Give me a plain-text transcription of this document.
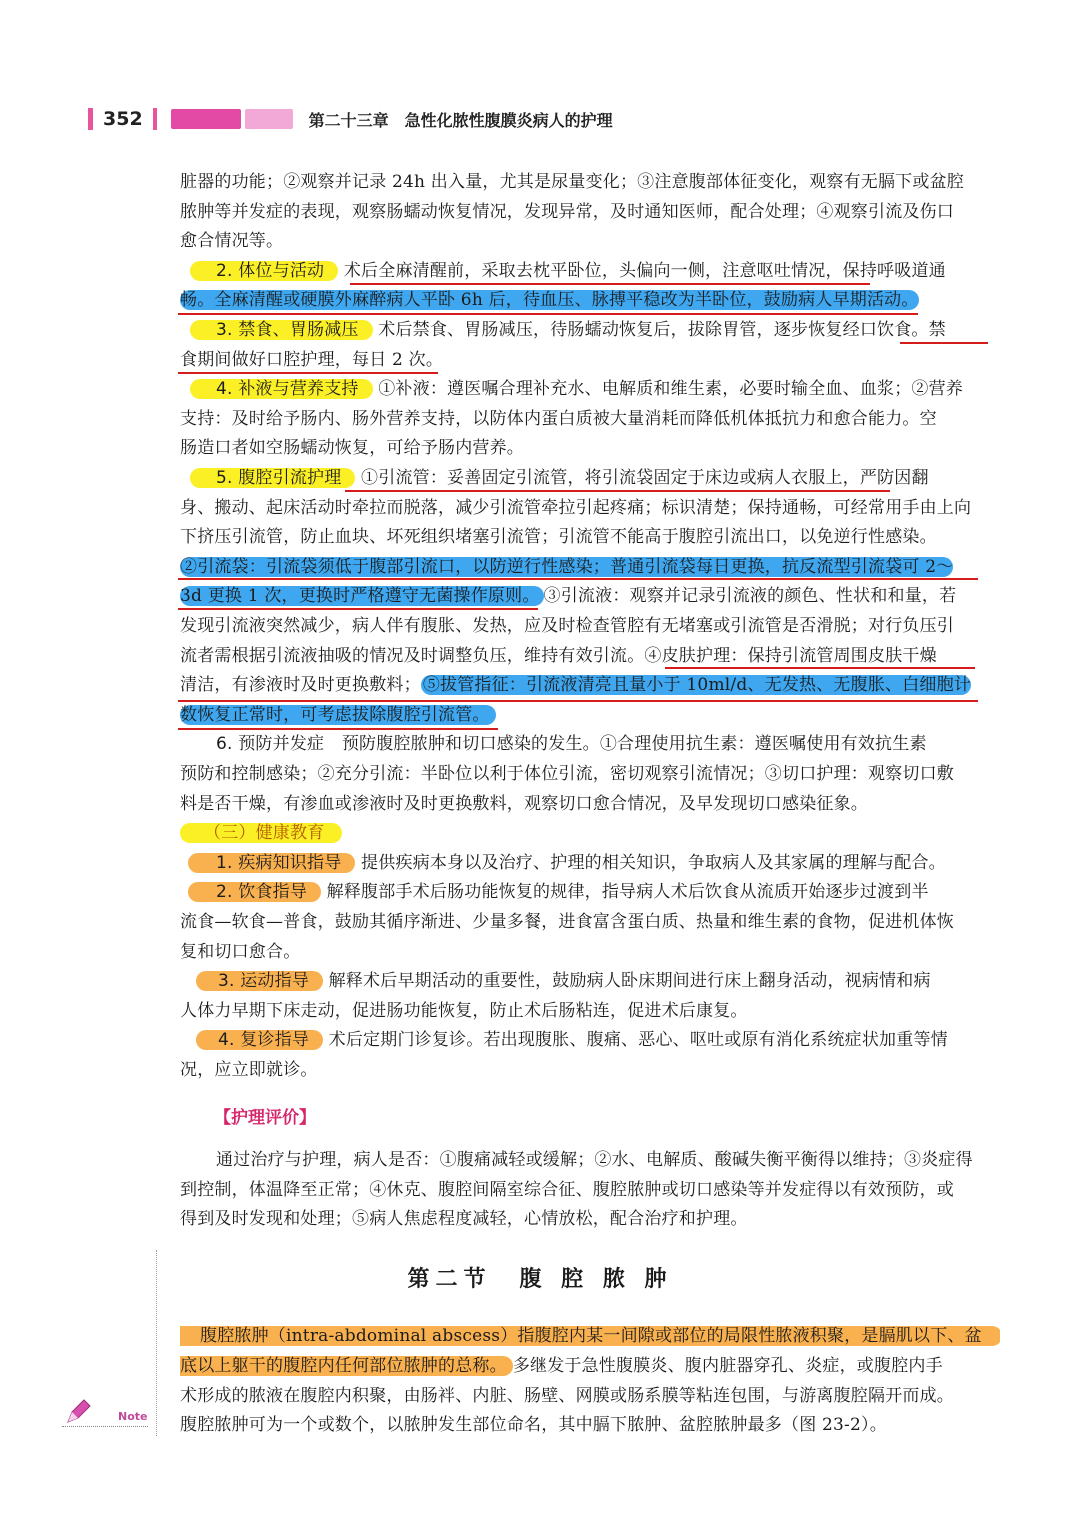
352	第二十三章　急性化脓性腹膜炎病人的护理
脏器的功能；②观察并记录 24h 出入量，尤其是尿量变化；③注意腹部体征变化，观察有无膈下或盆腔
脓肿等并发症的表现，观察肠蠕动恢复情况，发现异常，及时通知医师，配合处理；④观察引流及伤口
愈合情况等。
2. 体位与活动 术后全麻清醒前，采取去枕平卧位，头偏向一侧，注意呕吐情况，保持呼吸道通
畅。全麻清醒或硬膜外麻醉病人平卧 6h 后，待血压、脉搏平稳改为半卧位，鼓励病人早期活动。
3. 禁食、胃肠减压 术后禁食、胃肠减压，待肠蠕动恢复后，拔除胃管，逐步恢复经口饮食。禁
食期间做好口腔护理，每日 2 次。
4. 补液与营养支持 ①补液：遵医嘱合理补充水、电解质和维生素，必要时输全血、血浆；②营养
支持：及时给予肠内、肠外营养支持，以防体内蛋白质被大量消耗而降低机体抵抗力和愈合能力。空
肠造口者如空肠蠕动恢复，可给予肠内营养。
5. 腹腔引流护理 ①引流管：妥善固定引流管，将引流袋固定于床边或病人衣服上，严防因翻
身、搬动、起床活动时牵拉而脱落，减少引流管牵拉引起疼痛；标识清楚；保持通畅，可经常用手由上向
下挤压引流管，防止血块、坏死组织堵塞引流管；引流管不能高于腹腔引流出口，以免逆行性感染。
②引流袋：引流袋须低于腹部引流口，以防逆行性感染；普通引流袋每日更换，抗反流型引流袋可 2～
3d 更换 1 次，更换时严格遵守无菌操作原则。 ③引流液：观察并记录引流液的颜色、性状和和量，若
发现引流液突然减少，病人伴有腹胀、发热，应及时检查管腔有无堵塞或引流管是否滑脱；对行负压引
流者需根据引流液抽吸的情况及时调整负压，维持有效引流。④皮肤护理：保持引流管周围皮肤干燥
清洁，有渗液时及时更换敷料； ⑤拔管指征：引流液清亮且量小于 10ml/d、无发热、无腹胀、白细胞计
数恢复正常时，可考虑拔除腹腔引流管。
6. 预防并发症 预防腹腔脓肿和切口感染的发生。①合理使用抗生素：遵医嘱使用有效抗生素
预防和控制感染；②充分引流：半卧位以利于体位引流，密切观察引流情况；③切口护理：观察切口敷
料是否干燥，有渗血或渗液时及时更换敷料，观察切口愈合情况，及早发现切口感染征象。
（三）健康教育
1. 疾病知识指导 提供疾病本身以及治疗、护理的相关知识，争取病人及其家属的理解与配合。
2. 饮食指导 解释腹部手术后肠功能恢复的规律，指导病人术后饮食从流质开始逐步过渡到半
流食—软食—普食，鼓励其循序渐进、少量多餐，进食富含蛋白质、热量和维生素的食物，促进机体恢
复和切口愈合。
3. 运动指导 解释术后早期活动的重要性，鼓励病人卧床期间进行床上翻身活动，视病情和病
人体力早期下床走动，促进肠功能恢复，防止术后肠粘连，促进术后康复。
4. 复诊指导 术后定期门诊复诊。若出现腹胀、腹痛、恶心、呕吐或原有消化系统症状加重等情
况，应立即就诊。
【护理评价】
通过治疗与护理，病人是否：①腹痛减轻或缓解；②水、电解质、酸碱失衡平衡得以维持；③炎症得
到控制，体温降至正常；④休克、腹腔间隔室综合征、腹腔脓肿或切口感染等并发症得以有效预防，或
得到及时发现和处理；⑤病人焦虑程度减轻，心情放松，配合治疗和护理。
第二节　腹 腔 脓 肿
腹腔脓肿（intra-abdominal abscess）指腹腔内某一间隙或部位的局限性脓液积聚，是膈肌以下、盆
底以上躯干的腹腔内任何部位脓肿的总称。 多继发于急性腹膜炎、腹内脏器穿孔、炎症，或腹腔内手
术形成的脓液在腹腔内积聚，由肠袢、内脏、肠壁、网膜或肠系膜等粘连包围，与游离腹腔隔开而成。
腹腔脓肿可为一个或数个，以脓肿发生部位命名，其中膈下脓肿、盆腔脓肿最多（图 23-2）。
Note
